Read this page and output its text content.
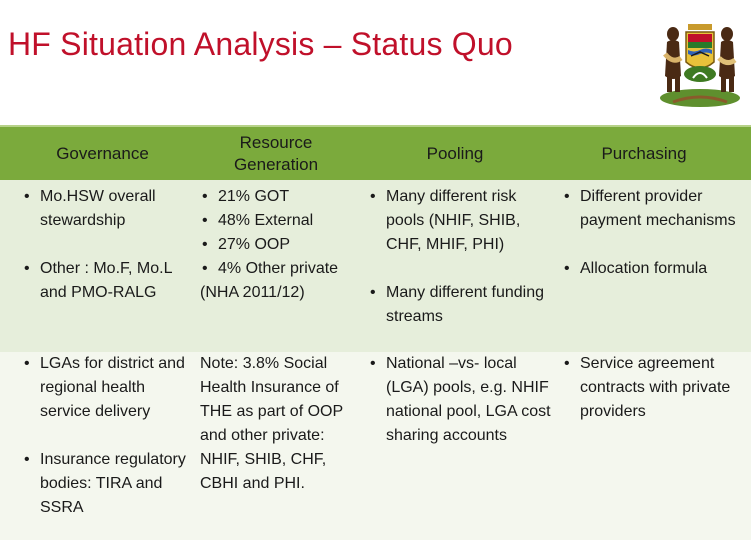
HF Situation Analysis – Status Quo
Governance
Resource Generation
Pooling	Purchasing
• Mo.HSW overall stewardship
• Other : Mo.F, Mo.L and PMO-RALG
• 21% GOT
• 48% External
• 27% OOP
• 4% Other private
(NHA 2011/12)
• Many different risk pools (NHIF, SHIB, CHF, MHIF, PHI)
• Many different funding streams
• Different provider payment mechanisms
• Allocation formula
• LGAs for district and regional health service delivery
• Insurance regulatory bodies: TIRA and SSRA
Note: 3.8% Social Health Insurance of THE as part of OOP and other private: NHIF, SHIB, CHF, CBHI and PHI.
• National –vs- local (LGA) pools, e.g. NHIF national pool, LGA cost sharing accounts
• Service agreement contracts with private providers
